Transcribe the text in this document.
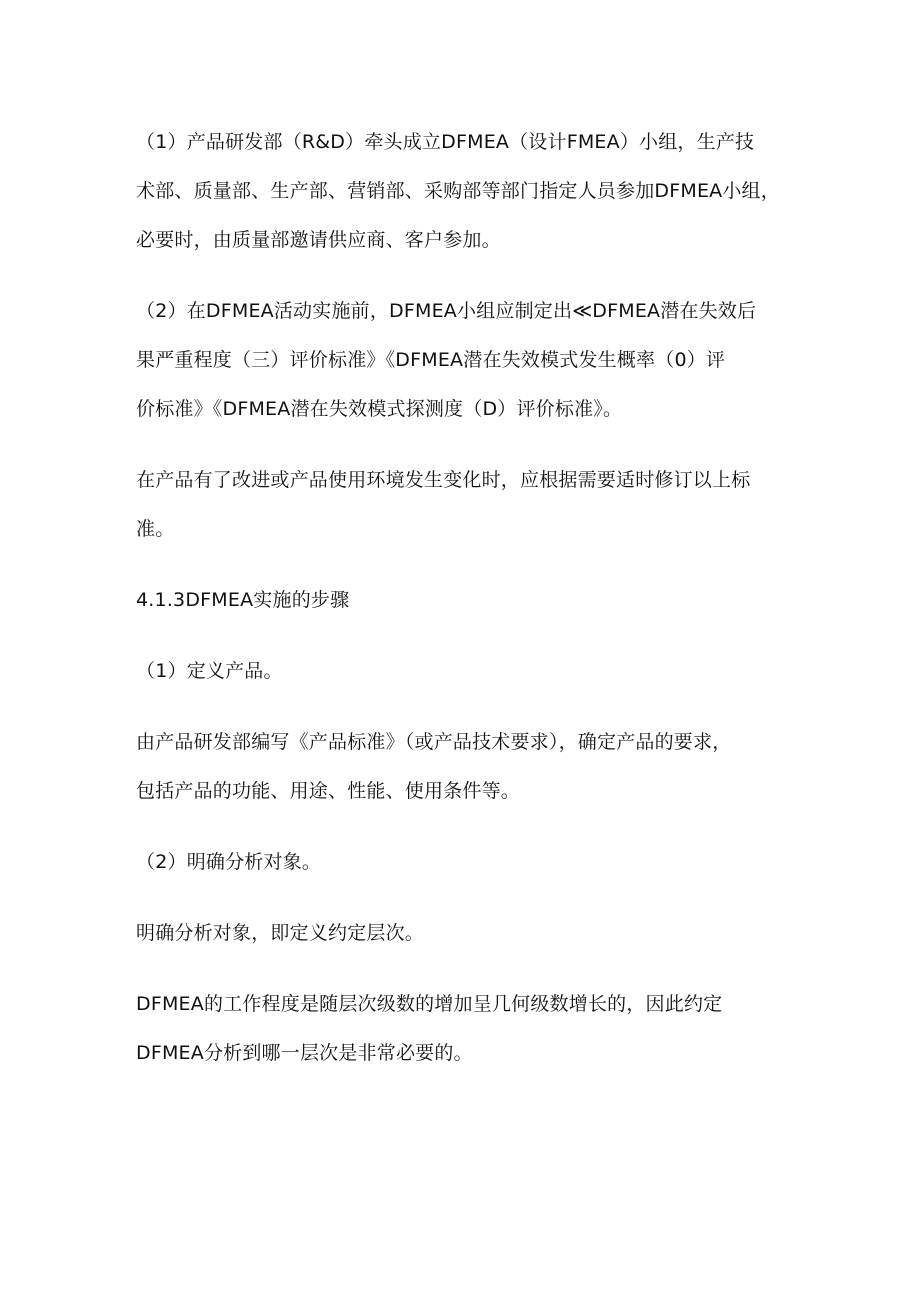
（1）产品研发部（R&D）牵头成立DFMEA（设计FMEA）小组，生产技
术部、质量部、生产部、营销部、采购部等部门指定人员参加DFMEA小组，
必要时，由质量部邀请供应商、客户参加。

（2）在DFMEA活动实施前，DFMEA小组应制定出≪DFMEA潜在失效后
果严重程度（三）评价标准》《DFMEA潜在失效模式发生概率（0）评
价标准》《DFMEA潜在失效模式探测度（D）评价标准》。

在产品有了改进或产品使用环境发生变化时，应根据需要适时修订以上标
准。

4.1.3DFMEA实施的步骤

（1）定义产品。

由产品研发部编写《产品标准》（或产品技术要求），确定产品的要求，
包括产品的功能、用途、性能、使用条件等。

（2）明确分析对象。

明确分析对象，即定义约定层次。

DFMEA的工作程度是随层次级数的增加呈几何级数增长的，因此约定
DFMEA分析到哪一层次是非常必要的。
